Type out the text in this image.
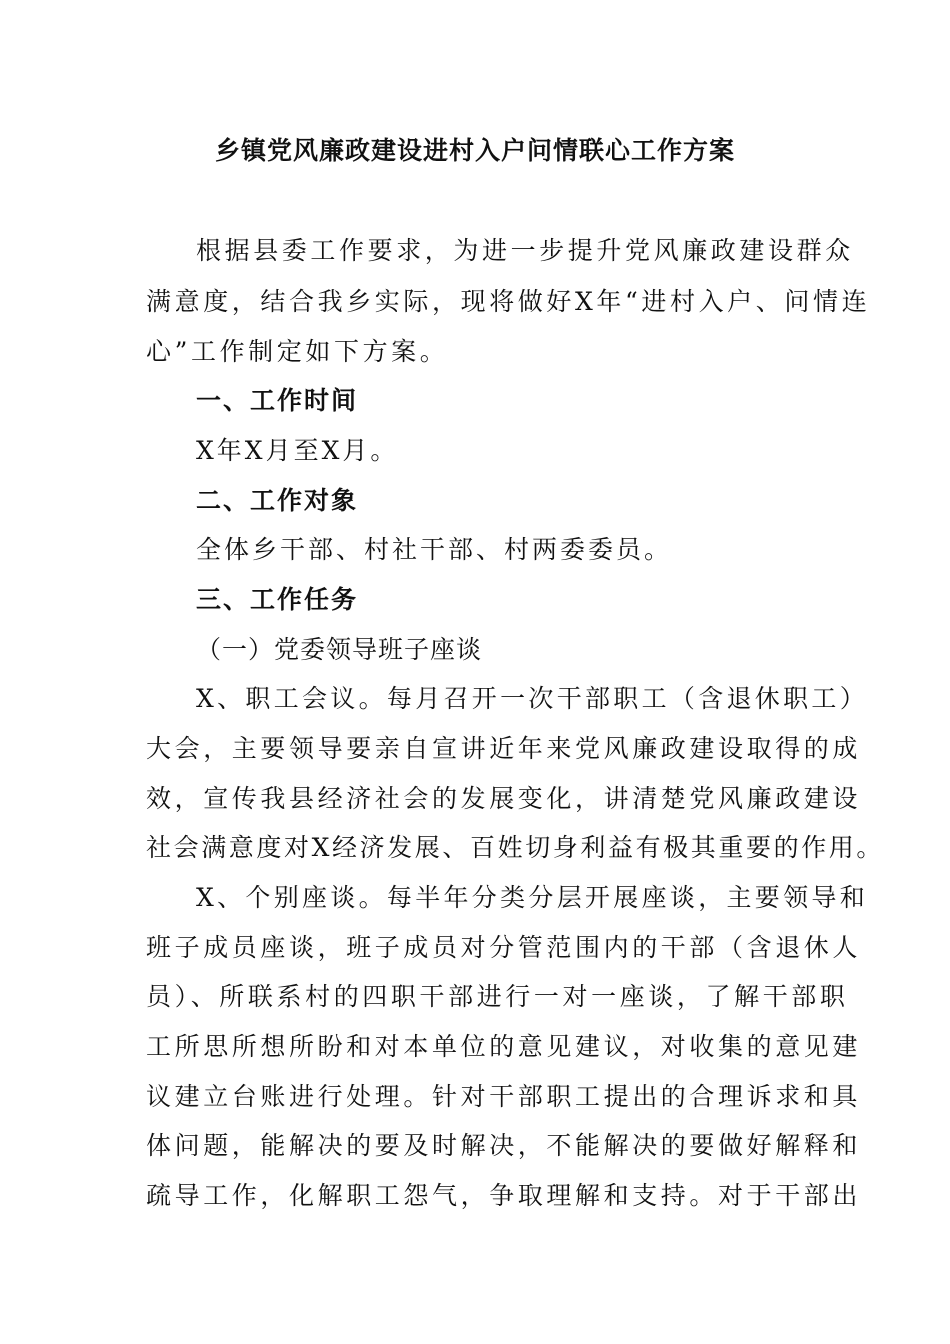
乡镇党风廉政建设进村入户问情联心工作方案

根据县委工作要求，为进一步提升党风廉政建设群众

满意度，结合我乡实际，现将做好X年“进村入户、问情连

心”工作制定如下方案。

一、工作时间

X年X月至X月。

二、工作对象

全体乡干部、村社干部、村两委委员。

三、工作任务

（一）党委领导班子座谈

X、职工会议。每月召开一次干部职工（含退休职工）

大会，主要领导要亲自宣讲近年来党风廉政建设取得的成

效，宣传我县经济社会的发展变化，讲清楚党风廉政建设

社会满意度对X经济发展、百姓切身利益有极其重要的作用。

X、个别座谈。每半年分类分层开展座谈，主要领导和

班子成员座谈，班子成员对分管范围内的干部（含退休人

员）、所联系村的四职干部进行一对一座谈，了解干部职

工所思所想所盼和对本单位的意见建议，对收集的意见建

议建立台账进行处理。针对干部职工提出的合理诉求和具

体问题，能解决的要及时解决，不能解决的要做好解释和

疏导工作，化解职工怨气，争取理解和支持。对于干部出
